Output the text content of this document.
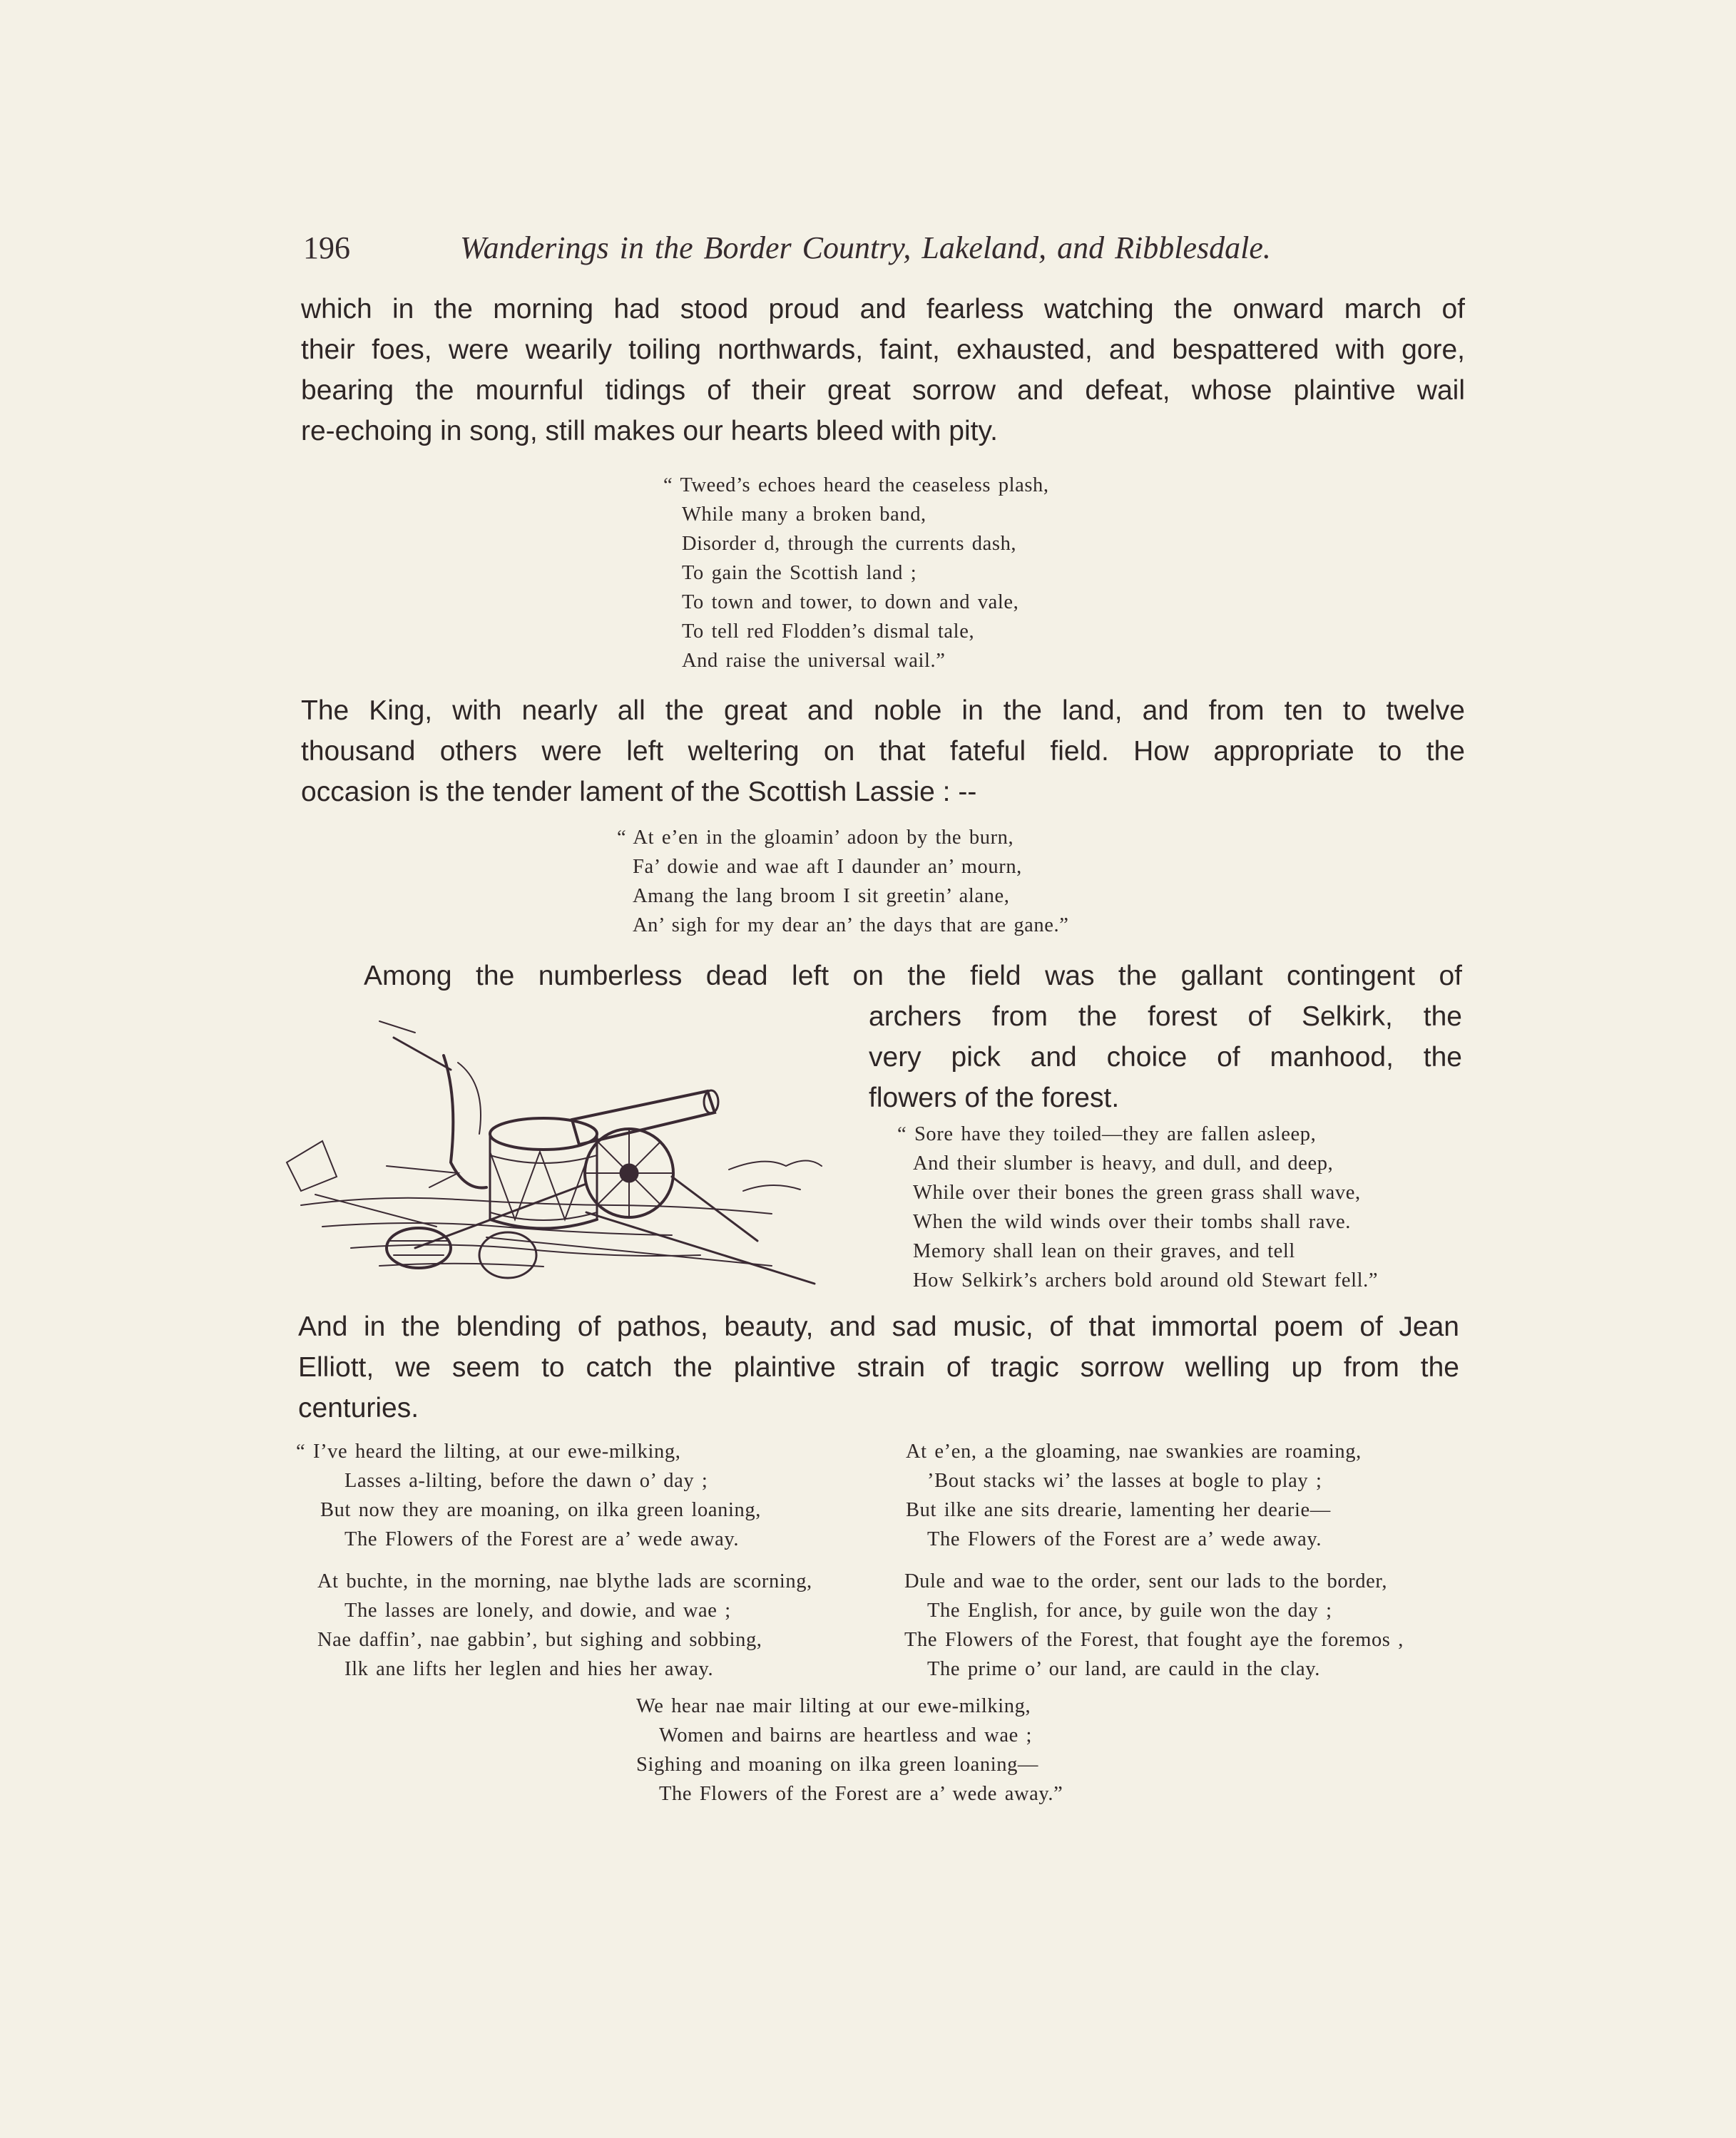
196	Wanderings in the Border Country, Lakeland, and Ribblesdale.
which in the morning had stood proud and fearless watching the onward march of
their foes, were wearily toiling northwards, faint, exhausted, and bespattered with gore,
bearing the mournful tidings of their great sorrow and defeat, whose plaintive wail
re-echoing in song, still makes our hearts bleed with pity.
“ Tweed’s echoes heard the ceaseless plash,
While many a broken band,
Disorder d, through the currents dash,
To gain the Scottish land ;
To town and tower, to down and vale,
To tell red Flodden’s dismal tale,
And raise the universal wail.”
The King, with nearly all the great and noble in the land, and from ten to twelve
thousand others were left weltering on that fateful field. How appropriate to the
occasion is the tender lament of the Scottish Lassie : --
“ At e’en in the gloamin’ adoon by the burn,
Fa’ dowie and wae aft I daunder an’ mourn,
Amang the lang broom I sit greetin’ alane,
An’ sigh for my dear an’ the days that are gane.”
Among the numberless dead left on the field was the gallant contingent of
archers from the forest of Selkirk, the
very pick and choice of manhood, the
flowers of the forest.
“ Sore have they toiled—they are fallen asleep,
And their slumber is heavy, and dull, and deep,
While over their bones the green grass shall wave,
When the wild winds over their tombs shall rave.
Memory shall lean on their graves, and tell
How Selkirk’s archers bold around old Stewart fell.”
And in the blending of pathos, beauty, and sad music, of that immortal poem of Jean
Elliott, we seem to catch the plaintive strain of tragic sorrow welling up from the
centuries.
“ I’ve heard the lilting, at our ewe-milking,
Lasses a-lilting, before the dawn o’ day ;
But now they are moaning, on ilka green loaning,
The Flowers of the Forest are a’ wede away.
At e’en, a the gloaming, nae swankies are roaming,
’Bout stacks wi’ the lasses at bogle to play ;
But ilke ane sits drearie, lamenting her dearie—
The Flowers of the Forest are a’ wede away.
At buchte, in the morning, nae blythe lads are scorning,
The lasses are lonely, and dowie, and wae ;
Nae daffin’, nae gabbin’, but sighing and sobbing,
Ilk ane lifts her leglen and hies her away.
Dule and wae to the order, sent our lads to the border,
The English, for ance, by guile won the day ;
The Flowers of the Forest, that fought aye the foremos ,
The prime o’ our land, are cauld in the clay.
We hear nae mair lilting at our ewe-milking,
Women and bairns are heartless and wae ;
Sighing and moaning on ilka green loaning—
The Flowers of the Forest are a’ wede away.”
